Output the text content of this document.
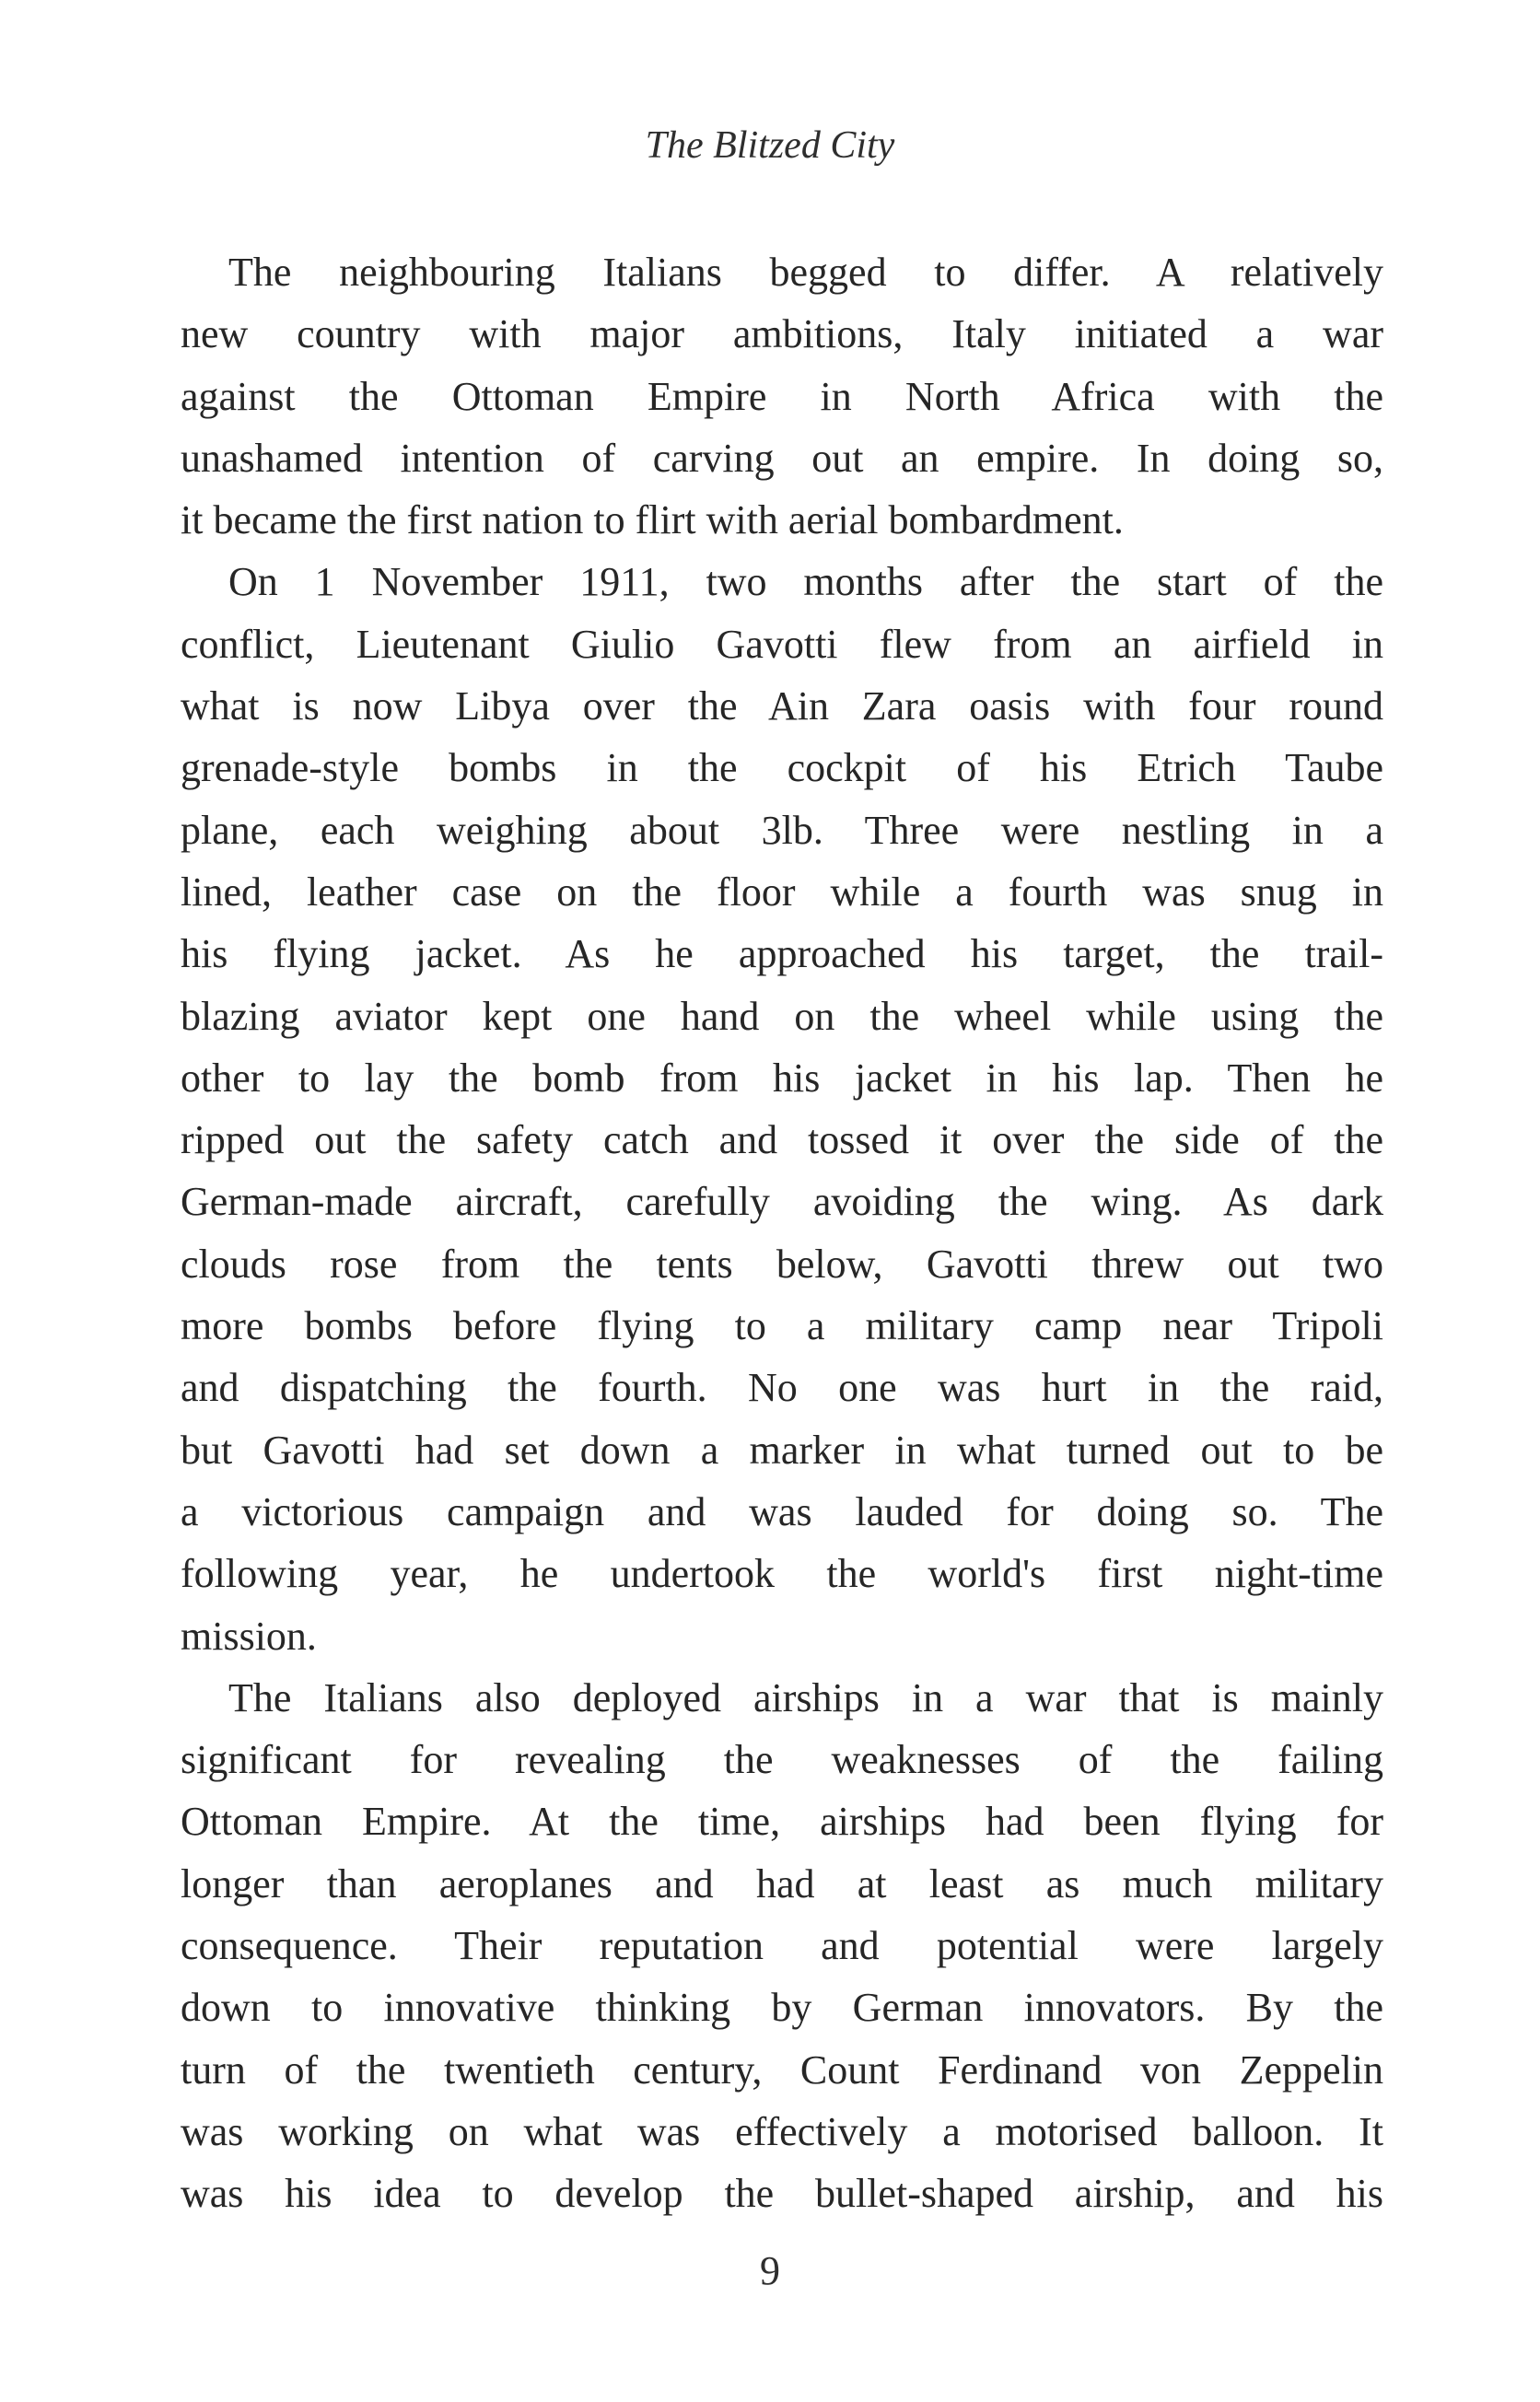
The Blitzed City

The neighbouring Italians begged to differ. A relatively
new country with major ambitions, Italy initiated a war
against the Ottoman Empire in North Africa with the
unashamed intention of carving out an empire. In doing so,
it became the first nation to flirt with aerial bombardment.

On 1 November 1911, two months after the start of the
conflict, Lieutenant Giulio Gavotti flew from an airfield in
what is now Libya over the Ain Zara oasis with four round
grenade-style bombs in the cockpit of his Etrich Taube
plane, each weighing about 3lb. Three were nestling in a
lined, leather case on the floor while a fourth was snug in
his flying jacket. As he approached his target, the trail-
blazing aviator kept one hand on the wheel while using the
other to lay the bomb from his jacket in his lap. Then he
ripped out the safety catch and tossed it over the side of the
German-made aircraft, carefully avoiding the wing. As dark
clouds rose from the tents below, Gavotti threw out two
more bombs before flying to a military camp near Tripoli
and dispatching the fourth. No one was hurt in the raid,
but Gavotti had set down a marker in what turned out to be
a victorious campaign and was lauded for doing so. The
following year, he undertook the world's first night-time
mission.

The Italians also deployed airships in a war that is mainly
significant for revealing the weaknesses of the failing
Ottoman Empire. At the time, airships had been flying for
longer than aeroplanes and had at least as much military
consequence. Their reputation and potential were largely
down to innovative thinking by German innovators. By the
turn of the twentieth century, Count Ferdinand von Zeppelin
was working on what was effectively a motorised balloon. It
was his idea to develop the bullet-shaped airship, and his

9
